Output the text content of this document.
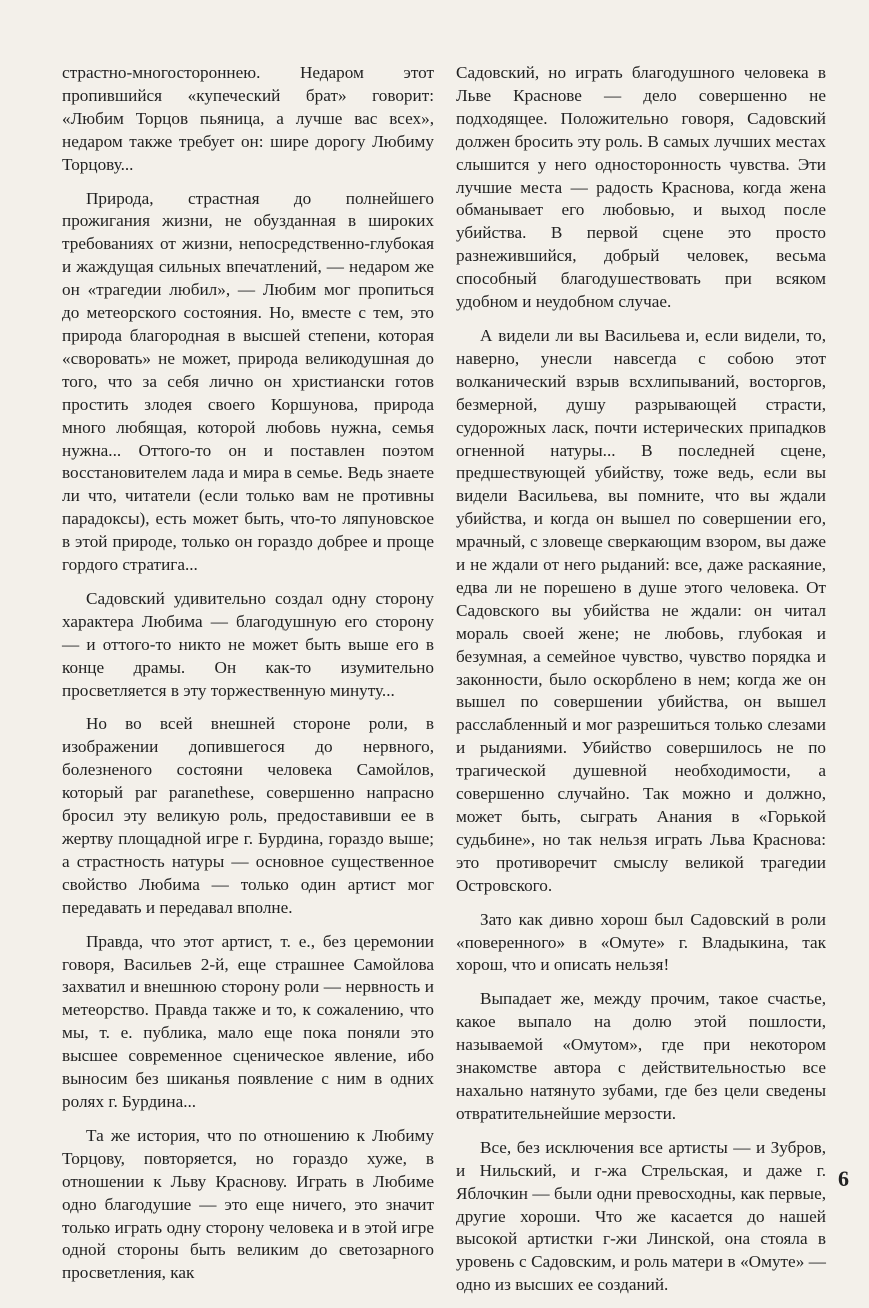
страстно-многостороннею. Недаром этот пропившийся «купеческий брат» говорит: «Любим Торцов пьяница, а лучше вас всех», недаром также требует он: шире дорогу Любиму Торцову...

Природа, страстная до полнейшего прожигания жизни, не обузданная в широких требованиях от жизни, непосредственно-глубокая и жаждущая сильных впечатлений, — недаром же он «трагедии любил», — Любим мог пропиться до метеорского состояния. Но, вместе с тем, это природа благородная в высшей степени, которая «своровать» не может, природа великодушная до того, что за себя лично он христиански готов простить злодея своего Коршунова, природа много любящая, которой любовь нужна, семья нужна... Оттого-то он и поставлен поэтом восстановителем лада и мира в семье. Ведь знаете ли что, читатели (если только вам не противны парадоксы), есть может быть, что-то ляпуновское в этой природе, только он гораздо добрее и проще гордого стратига...

Садовский удивительно создал одну сторону характера Любима — благодушную его сторону — и оттого-то никто не может быть выше его в конце драмы. Он как-то изумительно просветляется в эту торжественную минуту...

Но во всей внешней стороне роли, в изображении допившегося до нервного, болезненого состояни человека Самойлов, который par paranethese, совершенно напрасно бросил эту великую роль, предоставивши ее в жертву площадной игре г. Бурдина, гораздо выше; а страстность натуры — основное существенное свойство Любима — только один артист мог передавать и передавал вполне.

Правда, что этот артист, т. е., без церемонии говоря, Васильев 2-й, еще страшнее Самойлова захватил и внешнюю сторону роли — нервность и метеорство. Правда также и то, к сожалению, что мы, т. е. публика, мало еще пока поняли это высшее современное сценическое явление, ибо выносим без шиканья появление с ним в одних ролях г. Бурдина...

Та же история, что по отношению к Любиму Торцову, повторяется, но гораздо хуже, в отношении к Льву Краснову. Играть в Любиме одно благодушие — это еще ничего, это значит только играть одну сторону человека и в этой игре одной стороны быть великим до светозарного просветления, как

Садовский, но играть благодушного человека в Льве Краснове — дело совершенно не подходящее. Положительно говоря, Садовский должен бросить эту роль. В самых лучших местах слышится у него односторонность чувства. Эти лучшие места — радость Краснова, когда жена обманывает его любовью, и выход после убийства. В первой сцене это просто разнежившийся, добрый человек, весьма способный благодушествовать при всяком удобном и неудобном случае.

А видели ли вы Васильева и, если видели, то, наверно, унесли навсегда с собою этот волканический взрыв всхлипываний, восторгов, безмерной, душу разрывающей страсти, судорожных ласк, почти истерических припадков огненной натуры... В последней сцене, предшествующей убийству, тоже ведь, если вы видели Васильева, вы помните, что вы ждали убийства, и когда он вышел по совершении его, мрачный, с зловеще сверкающим взором, вы даже и не ждали от него рыданий: все, даже раскаяние, едва ли не порешено в душе этого человека. От Садовского вы убийства не ждали: он читал мораль своей жене; не любовь, глубокая и безумная, а семейное чувство, чувство порядка и законности, было оскорблено в нем; когда же он вышел по совершении убийства, он вышел расслабленный и мог разрешиться только слезами и рыданиями. Убийство совершилось не по трагической душевной необходимости, а совершенно случайно. Так можно и должно, может быть, сыграть Анания в «Горькой судьбине», но так нельзя играть Льва Краснова: это противоречит смыслу великой трагедии Островского.

Зато как дивно хорош был Садовский в роли «поверенного» в «Омуте» г. Владыкина, так хорош, что и описать нельзя!

Выпадает же, между прочим, такое счастье, какое выпало на долю этой пошлости, называемой «Омутом», где при некотором знакомстве автора с действительностью все нахально натянуто зубами, где без цели сведены отвратительнейшие мерзости.

Все, без исключения все артисты — и Зубров, и Нильский, и г-жа Стрельская, и даже г. Яблочкин — были одни превосходны, как первые, другие хороши. Что же касается до нашей высокой артистки г-жи Линской, она стояла в уровень с Садовским, и роль матери в «Омуте» — одно из высших ее созданий.

6
